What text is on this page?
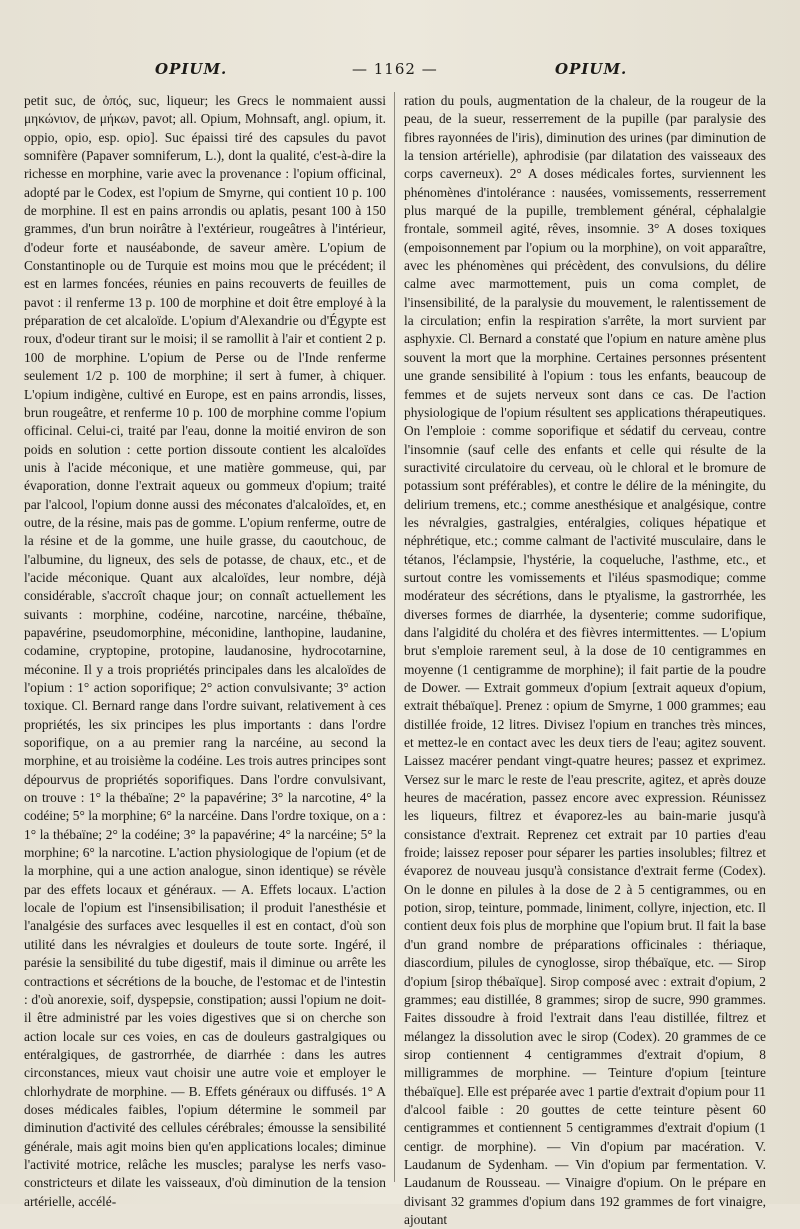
OPIUM.	— 1162 —	OPIUM.

petit suc, de ὀπός, suc, liqueur; les Grecs le nommaient aussi μηκώνιον, de μήκων, pavot; all. Opium, Mohnsaft, angl. opium, it. oppio, opio, esp. opio]. Suc épaissi tiré des capsules du pavot somnifère (Papaver somniferum, L.), dont la qualité, c'est-à-dire la richesse en morphine, varie avec la provenance : l'opium officinal, adopté par le Codex, est l'opium de Smyrne, qui contient 10 p. 100 de morphine. Il est en pains arrondis ou aplatis, pesant 100 à 150 grammes, d'un brun noirâtre à l'extérieur, rougeâtres à l'intérieur, d'odeur forte et nauséabonde, de saveur amère. L'opium de Constantinople ou de Turquie est moins mou que le précédent; il est en larmes foncées, réunies en pains recouverts de feuilles de pavot : il renferme 13 p. 100 de morphine et doit être employé à la préparation de cet alcaloïde. L'opium d'Alexandrie ou d'Égypte est roux, d'odeur tirant sur le moisi; il se ramollit à l'air et contient 2 p. 100 de morphine. L'opium de Perse ou de l'Inde renferme seulement 1/2 p. 100 de morphine; il sert à fumer, à chiquer. L'opium indigène, cultivé en Europe, est en pains arrondis, lisses, brun rougeâtre, et renferme 10 p. 100 de morphine comme l'opium officinal. Celui-ci, traité par l'eau, donne la moitié environ de son poids en solution : cette portion dissoute contient les alcaloïdes unis à l'acide méconique, et une matière gommeuse, qui, par évaporation, donne l'extrait aqueux ou gommeux d'opium; traité par l'alcool, l'opium donne aussi des méconates d'alcaloïdes, et, en outre, de la résine, mais pas de gomme. L'opium renferme, outre de la résine et de la gomme, une huile grasse, du caoutchouc, de l'albumine, du ligneux, des sels de potasse, de chaux, etc., et de l'acide méconique. Quant aux alcaloïdes, leur nombre, déjà considérable, s'accroît chaque jour; on connaît actuellement les suivants : morphine, codéine, narcotine, narcéine, thébaïne, papavérine, pseudomorphine, méconidine, lanthopine, laudanine, codamine, cryptopine, protopine, laudanosine, hydrocotarnine, méconine. Il y a trois propriétés principales dans les alcaloïdes de l'opium : 1° action soporifique; 2° action convulsivante; 3° action toxique. Cl. Bernard range dans l'ordre suivant, relativement à ces propriétés, les six principes les plus importants : dans l'ordre soporifique, on a au premier rang la narcéine, au second la morphine, et au troisième la codéine. Les trois autres principes sont dépourvus de propriétés soporifiques. Dans l'ordre convulsivant, on trouve : 1° la thébaïne; 2° la papavérine; 3° la narcotine, 4° la codéine; 5° la morphine; 6° la narcéine. Dans l'ordre toxique, on a : 1° la thébaïne; 2° la codéine; 3° la papavérine; 4° la narcéine; 5° la morphine; 6° la narcotine. L'action physiologique de l'opium (et de la morphine, qui a une action analogue, sinon identique) se révèle par des effets locaux et généraux. — A. Effets locaux. L'action locale de l'opium est l'insensibilisation; il produit l'anesthésie et l'analgésie des surfaces avec lesquelles il est en contact, d'où son utilité dans les névralgies et douleurs de toute sorte. Ingéré, il parésie la sensibilité du tube digestif, mais il diminue ou arrête les contractions et sécrétions de la bouche, de l'estomac et de l'intestin : d'où anorexie, soif, dyspepsie, constipation; aussi l'opium ne doit-il être administré par les voies digestives que si on cherche son action locale sur ces voies, en cas de douleurs gastralgiques ou entéralgiques, de gastrorrhée, de diarrhée : dans les autres circonstances, mieux vaut choisir une autre voie et employer le chlorhydrate de morphine. — B. Effets généraux ou diffusés. 1° A doses médicales faibles, l'opium détermine le sommeil par diminution d'activité des cellules cérébrales; émousse la sensibilité générale, mais agit moins bien qu'en applications locales; diminue l'activité motrice, relâche les muscles; paralyse les nerfs vaso-constricteurs et dilate les vaisseaux, d'où diminution de la tension artérielle, accélé-

ration du pouls, augmentation de la chaleur, de la rougeur de la peau, de la sueur, resserrement de la pupille (par paralysie des fibres rayonnées de l'iris), diminution des urines (par diminution de la tension artérielle), aphrodisie (par dilatation des vaisseaux des corps caverneux). 2° A doses médicales fortes, surviennent les phénomènes d'intolérance : nausées, vomissements, resserrement plus marqué de la pupille, tremblement général, céphalalgie frontale, sommeil agité, rêves, insomnie. 3° A doses toxiques (empoisonnement par l'opium ou la morphine), on voit apparaître, avec les phénomènes qui précèdent, des convulsions, du délire calme avec marmottement, puis un coma complet, de l'insensibilité, de la paralysie du mouvement, le ralentissement de la circulation; enfin la respiration s'arrête, la mort survient par asphyxie. Cl. Bernard a constaté que l'opium en nature amène plus souvent la mort que la morphine. Certaines personnes présentent une grande sensibilité à l'opium : tous les enfants, beaucoup de femmes et de sujets nerveux sont dans ce cas. De l'action physiologique de l'opium résultent ses applications thérapeutiques. On l'emploie : comme soporifique et sédatif du cerveau, contre l'insomnie (sauf celle des enfants et celle qui résulte de la suractivité circulatoire du cerveau, où le chloral et le bromure de potassium sont préférables), et contre le délire de la méningite, du delirium tremens, etc.; comme anesthésique et analgésique, contre les névralgies, gastralgies, entéralgies, coliques hépatique et néphrétique, etc.; comme calmant de l'activité musculaire, dans le tétanos, l'éclampsie, l'hystérie, la coqueluche, l'asthme, etc., et surtout contre les vomissements et l'iléus spasmodique; comme modérateur des sécrétions, dans le ptyalisme, la gastrorrhée, les diverses formes de diarrhée, la dysenterie; comme sudorifique, dans l'algidité du choléra et des fièvres intermittentes. — L'opium brut s'emploie rarement seul, à la dose de 10 centigrammes en moyenne (1 centigramme de morphine); il fait partie de la poudre de Dower. — Extrait gommeux d'opium [extrait aqueux d'opium, extrait thébaïque]. Prenez : opium de Smyrne, 1 000 grammes; eau distillée froide, 12 litres. Divisez l'opium en tranches très minces, et mettez-le en contact avec les deux tiers de l'eau; agitez souvent. Laissez macérer pendant vingt-quatre heures; passez et exprimez. Versez sur le marc le reste de l'eau prescrite, agitez, et après douze heures de macération, passez encore avec expression. Réunissez les liqueurs, filtrez et évaporez-les au bain-marie jusqu'à consistance d'extrait. Reprenez cet extrait par 10 parties d'eau froide; laissez reposer pour séparer les parties insolubles; filtrez et évaporez de nouveau jusqu'à consistance d'extrait ferme (Codex). On le donne en pilules à la dose de 2 à 5 centigrammes, ou en potion, sirop, teinture, pommade, liniment, collyre, injection, etc. Il contient deux fois plus de morphine que l'opium brut. Il fait la base d'un grand nombre de préparations officinales : thériaque, diascordium, pilules de cynoglosse, sirop thébaïque, etc. — Sirop d'opium [sirop thébaïque]. Sirop composé avec : extrait d'opium, 2 grammes; eau distillée, 8 grammes; sirop de sucre, 990 grammes. Faites dissoudre à froid l'extrait dans l'eau distillée, filtrez et mélangez la dissolution avec le sirop (Codex). 20 grammes de ce sirop contiennent 4 centigrammes d'extrait d'opium, 8 milligrammes de morphine. — Teinture d'opium [teinture thébaïque]. Elle est préparée avec 1 partie d'extrait d'opium pour 11 d'alcool faible : 20 gouttes de cette teinture pèsent 60 centigrammes et contiennent 5 centigrammes d'extrait d'opium (1 centigr. de morphine). — Vin d'opium par macération. V. Laudanum de Sydenham. — Vin d'opium par fermentation. V. Laudanum de Rousseau. — Vinaigre d'opium. On le prépare en divisant 32 grammes d'opium dans 192 grammes de fort vinaigre, ajoutant
